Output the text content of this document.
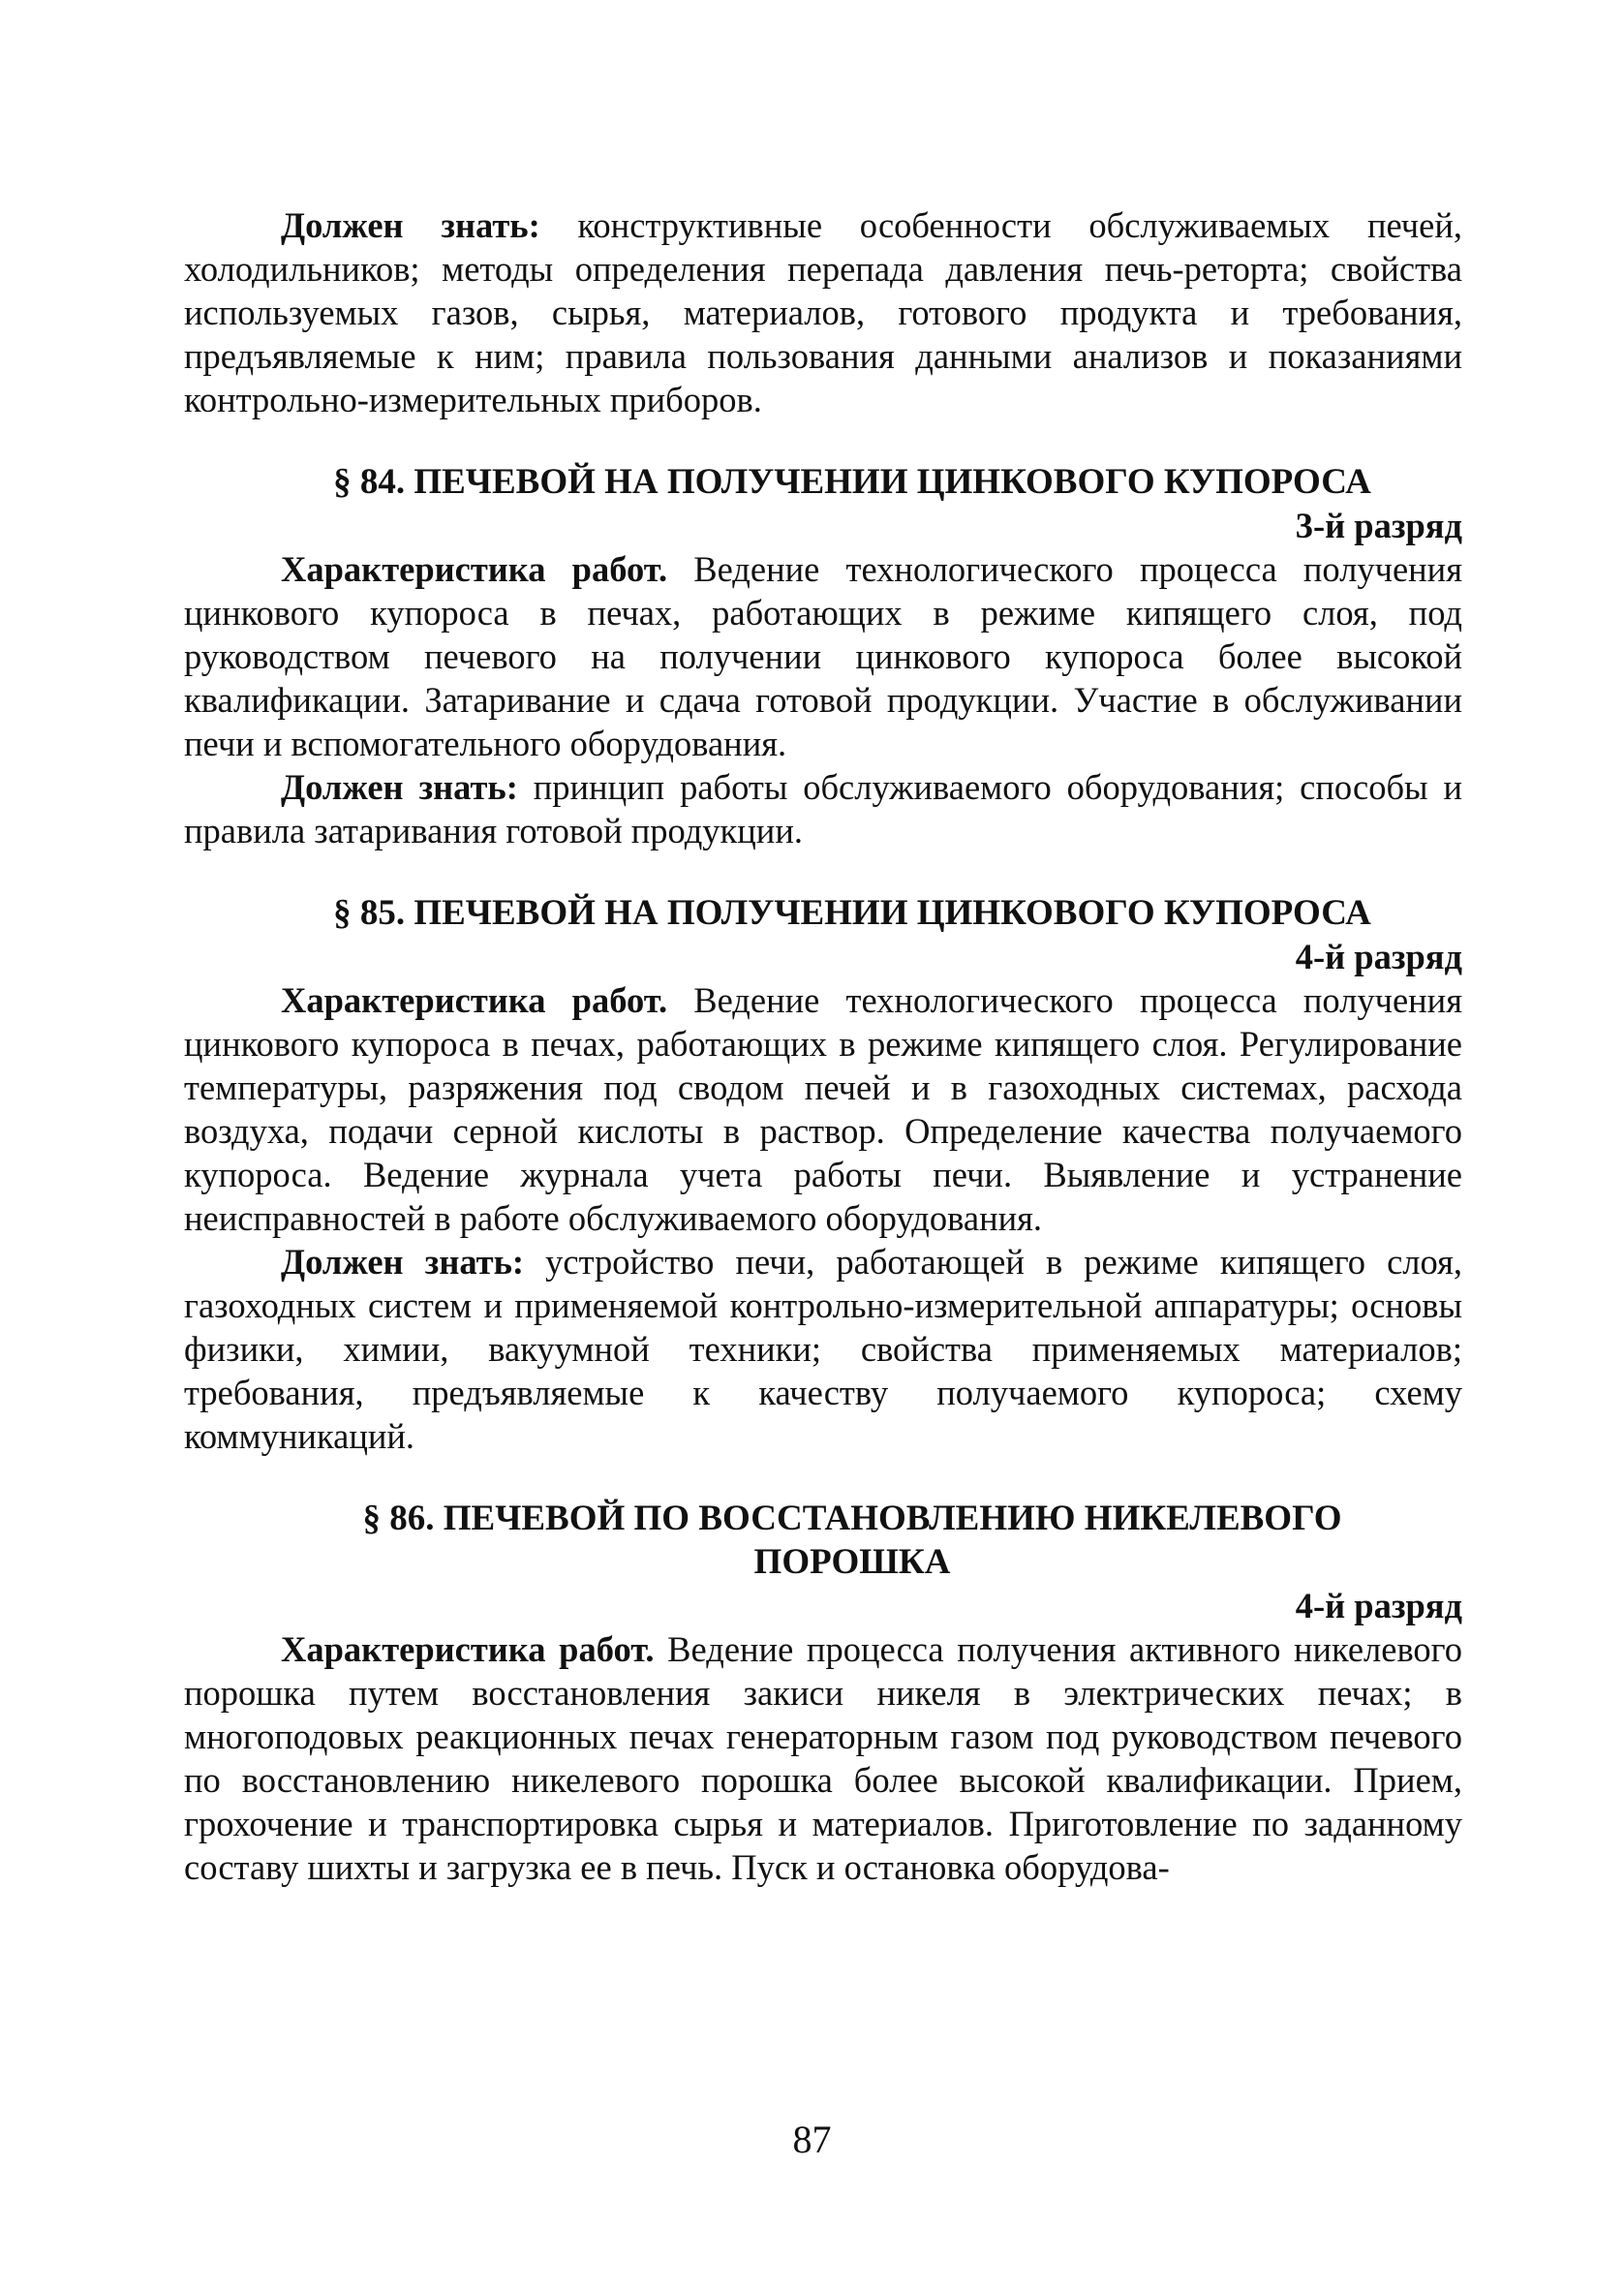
Должен знать: конструктивные особенности обслуживаемых печей, холодильников; методы определения перепада давления печь-реторта; свойства используемых газов, сырья, материалов, готового продукта и требования, предъявляемые к ним; правила пользования данными анализов и показаниями контрольно-измерительных приборов.

§ 84. ПЕЧЕВОЙ НА ПОЛУЧЕНИИ ЦИНКОВОГО КУПОРОСА
3-й разряд

Характеристика работ. Ведение технологического процесса получения цинкового купороса в печах, работающих в режиме кипящего слоя, под руководством печевого на получении цинкового купороса более высокой квалификации. Затаривание и сдача готовой продукции. Участие в обслуживании печи и вспомогательного оборудования.

Должен знать: принцип работы обслуживаемого оборудования; способы и правила затаривания готовой продукции.

§ 85. ПЕЧЕВОЙ НА ПОЛУЧЕНИИ ЦИНКОВОГО КУПОРОСА
4-й разряд

Характеристика работ. Ведение технологического процесса получения цинкового купороса в печах, работающих в режиме кипящего слоя. Регулирование температуры, разряжения под сводом печей и в газоходных системах, расхода воздуха, подачи серной кислоты в раствор. Определение качества получаемого купороса. Ведение журнала учета работы печи. Выявление и устранение неисправностей в работе обслуживаемого оборудования.

Должен знать: устройство печи, работающей в режиме кипящего слоя, газоходных систем и применяемой контрольно-измерительной аппаратуры; основы физики, химии, вакуумной техники; свойства применяемых материалов; требования, предъявляемые к качеству получаемого купороса; схему коммуникаций.

§ 86. ПЕЧЕВОЙ ПО ВОССТАНОВЛЕНИЮ НИКЕЛЕВОГО ПОРОШКА
4-й разряд

Характеристика работ. Ведение процесса получения активного никелевого порошка путем восстановления закиси никеля в электрических печах; в многоподовых реакционных печах генераторным газом под руководством печевого по восстановлению никелевого порошка более высокой квалификации. Прием, грохочение и транспортировка сырья и материалов. Приготовление по заданному составу шихты и загрузка ее в печь. Пуск и остановка оборудова-

87
